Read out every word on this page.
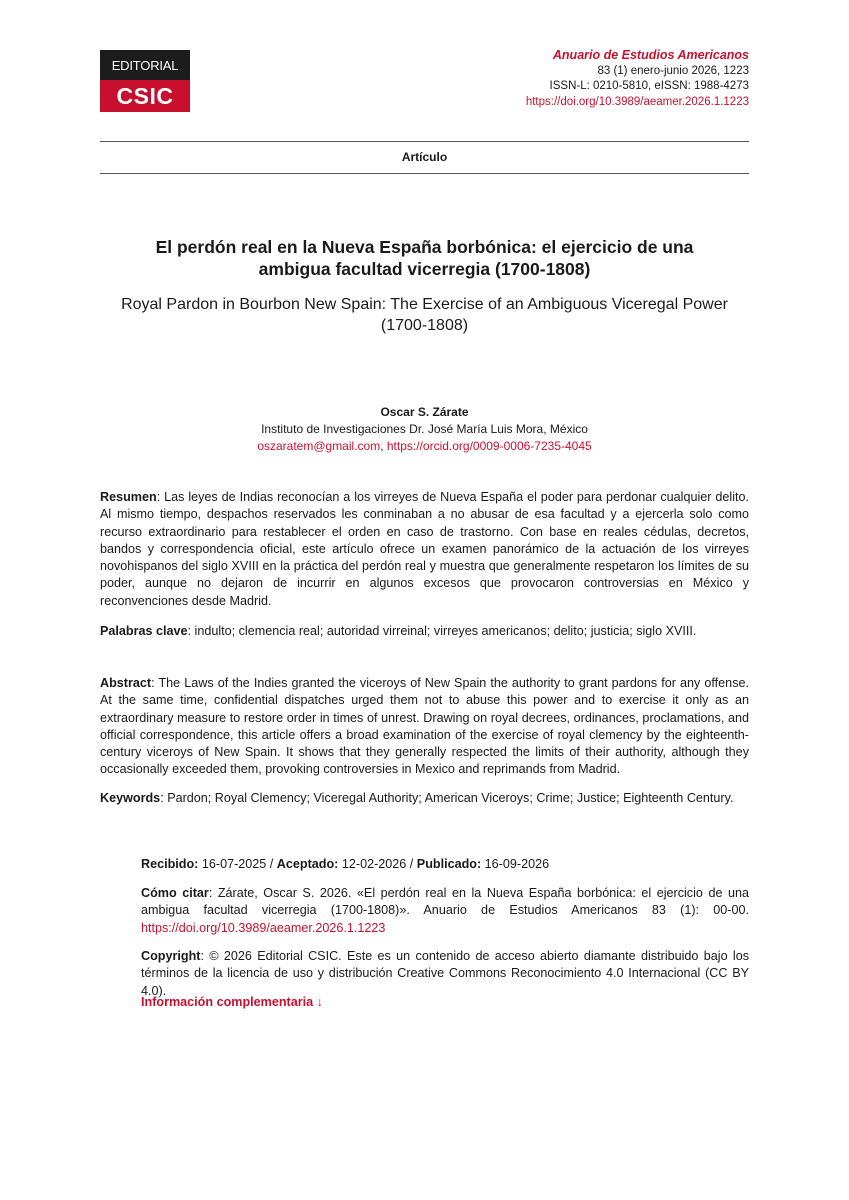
EDITORIAL
CSIC
Anuario de Estudios Americanos
83 (1) enero-junio 2026, 1223
ISSN-L: 0210-5810, eISSN: 1988-4273
https://doi.org/10.3989/aeamer.2026.1.1223
Artículo
El perdón real en la Nueva España borbónica: el ejercicio de una
ambigua facultad vicerregia (1700-1808)
Royal Pardon in Bourbon New Spain: The Exercise of an Ambiguous Viceregal Power
(1700-1808)
Oscar S. Zárate
Instituto de Investigaciones Dr. José María Luis Mora, México
oszaratem@gmail.com, https://orcid.org/0009-0006-7235-4045
Resumen: Las leyes de Indias reconocían a los virreyes de Nueva España el poder para perdonar cualquier delito. Al mismo tiempo, despachos reservados les conminaban a no abusar de esa facultad y a ejercerla solo como recurso extraordinario para restablecer el orden en caso de trastorno. Con base en reales cédulas, decretos, bandos y correspondencia oficial, este artículo ofrece un examen panorámico de la actuación de los virreyes novohispanos del siglo XVIII en la práctica del perdón real y muestra que generalmente respetaron los límites de su poder, aunque no dejaron de incurrir en algunos excesos que provocaron controversias en México y reconvenciones desde Madrid.
Palabras clave: indulto; clemencia real; autoridad virreinal; virreyes americanos; delito; justicia; siglo XVIII.
Abstract: The Laws of the Indies granted the viceroys of New Spain the authority to grant pardons for any offense. At the same time, confidential dispatches urged them not to abuse this power and to exercise it only as an extraordinary measure to restore order in times of unrest. Drawing on royal decrees, ordinances, proclamations, and official correspondence, this article offers a broad examination of the exercise of royal clemency by the eighteenth-century viceroys of New Spain. It shows that they generally respected the limits of their authority, although they occasionally exceeded them, provoking controversies in Mexico and reprimands from Madrid.
Keywords: Pardon; Royal Clemency; Viceregal Authority; American Viceroys; Crime; Justice; Eighteenth Century.
Recibido: 16-07-2025 / Aceptado: 12-02-2026 / Publicado: 16-09-2026
Cómo citar: Zárate, Oscar S. 2026. «El perdón real en la Nueva España borbónica: el ejercicio de una ambigua facultad vicerregia (1700-1808)». Anuario de Estudios Americanos 83 (1): 00-00. https://doi.org/10.3989/aeamer.2026.1.1223
Copyright: © 2026 Editorial CSIC. Este es un contenido de acceso abierto diamante distribuido bajo los términos de la licencia de uso y distribución Creative Commons Reconocimiento 4.0 Internacional (CC BY 4.0).
Información complementaria ↓
